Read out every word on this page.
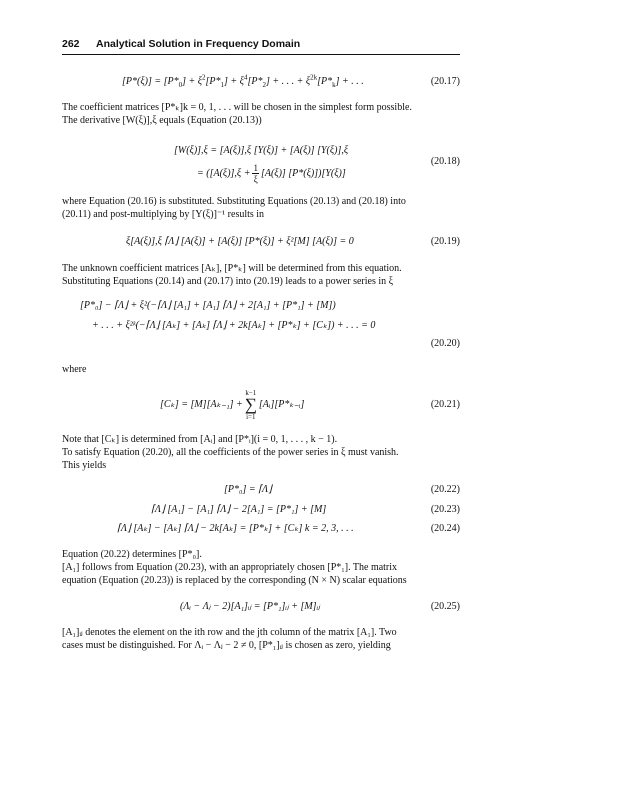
262 Analytical Solution in Frequency Domain
$[P*(\xi)] = [P*_0] + \xi^2[P*_1] + \xi^4[P*_2]$ + . . . + $\xi^{2k}[P*_k]$ + . . .	(20.17)
The coefficient matrices [P*ₖ]k = 0, 1, . . . will be chosen in the simplest form possible.
The derivative [W(ξ)],ξ equals (Equation (20.13))
[W(ξ)],ξ = [A(ξ)],ξ [Y(ξ)] + [A(ξ)] [Y(ξ)],ξ
= ($[A(\xi)],\xi + \frac{1}{\xi} [A(\xi)]$ [P*(ξ)])[Y(ξ)]
(20.18)
where Equation (20.16) is substituted. Substituting Equations (20.13) and (20.18) into
(20.11) and post-multiplying by [Y(ξ)]⁻¹ results in
ξ[A(ξ)],ξ ⌈Λ⌋ [A(ξ)] + [A(ξ)] [P*(ξ)] + ξ²[M] [A(ξ)] = 0	(20.19)
The unknown coefficient matrices [Aₖ], [P*ₖ] will be determined from this equation.
Substituting Equations (20.14) and (20.17) into (20.19) leads to a power series in ξ
[P*₀] − ⌈Λ⌋ + ξ²(−⌈Λ⌋ [A₁] + [A₁] ⌈Λ⌋ + 2[A₁] + [P*₁] + [M])
+ . . . + ξ²ᵏ(−⌈Λ⌋ [Aₖ] + [Aₖ] ⌈Λ⌋ + 2k[Aₖ] + [P*ₖ] + [Cₖ]) + . . . = 0
(20.20)
where
[Cₖ] = [M][Aₖ₋₁] +
k−1
∑
i=1
[Aᵢ][P*ₖ₋ᵢ]	(20.21)
Note that [Cₖ] is determined from [Aᵢ] and [P*ᵢ](i = 0, 1, . . . , k − 1).
To satisfy Equation (20.20), all the coefficients of the power series in ξ must vanish.
This yields
[P*₀] = ⌈Λ⌋	(20.22)
⌈Λ⌋ [A₁] − [A₁] ⌈Λ⌋ − 2[A₁] = [P*₁] + [M]	(20.23)
⌈Λ⌋ [Aₖ] − [Aₖ] ⌈Λ⌋ − 2k[Aₖ] = [P*ₖ] + [Cₖ] k = 2, 3, . . .	(20.24)
Equation (20.22) determines [P*₀].
[A₁] follows from Equation (20.23), with an appropriately chosen [P*₁]. The matrix
equation (Equation (20.23)) is replaced by the corresponding (N × N) scalar equations
(Λᵢ − Λⱼ − 2)[A₁]ᵢⱼ = [P*₁]ᵢⱼ + [M]ᵢⱼ	(20.25)
[A₁]ᵢⱼ denotes the element on the ith row and the jth column of the matrix [A₁]. Two
cases must be distinguished. For Λᵢ − Λⱼ − 2 ≠ 0, [P*₁]ᵢⱼ is chosen as zero, yielding
